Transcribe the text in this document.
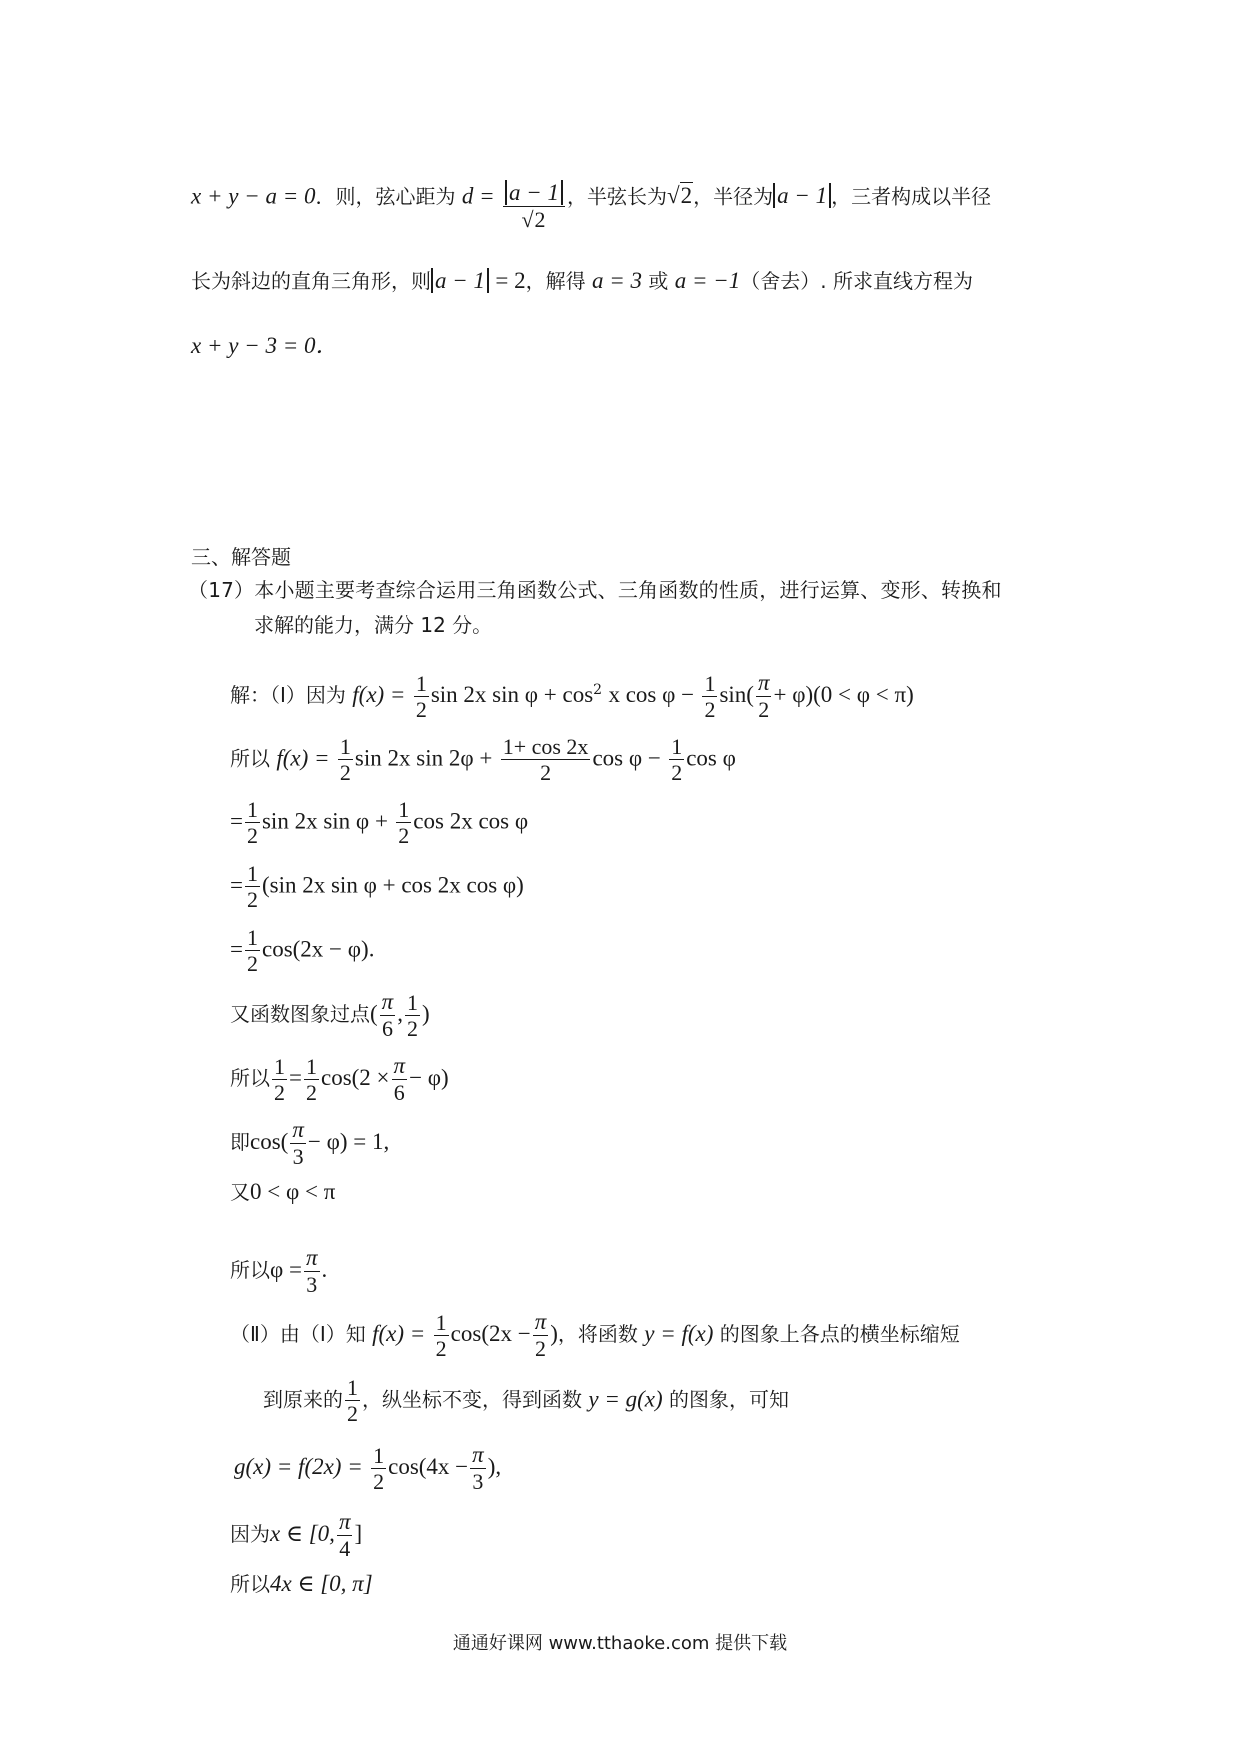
x + y − a = 0．则，弦心距为 $d = \frac{a - 1}{√2}$ ，半弦长为√2，半径为 a − 1 ，三者构成以半径
长为斜边的直角三角形，则 a − 1 = 2，解得 a = 3 或 a = −1（舍去）. 所求直线方程为
x + y − 3 = 0．
三、解答题
（17）本小题主要考查综合运用三角函数公式、三角函数的性质，进行运算、变形、转换和
求解的能力，满分 12 分。
解：（Ⅰ）因为 $f(x) = \frac{1}{2}$ sin 2x $\sin \varphi + \cos^2 x$ $\cos \varphi - \frac{1}{2} \sin( \frac{\pi}{2} + \varphi)(0 < \varphi < \pi)$
所以 $f(x) = \frac{1}{2}$ sin 2x $\sin 2\varphi + \frac{1+ \cos 2x}{2}$ $\cos \varphi - \frac{1}{2}$ cos φ
= $\frac{1}{2}$ sin 2x $\sin \varphi + \frac{1}{2}$ cos 2x cos φ
= $\frac{1}{2} (\sin$ 2x sin φ + cos 2x cos φ)
= $\frac{1}{2} \cos(2x - \varphi)$.
又函数图象过点( $\frac{\pi}{6}$ , $\frac{1}{2}$ )
所以 $\frac{1}{2} = \frac{1}{2} \cos(2 \times \frac{\pi}{6} - \varphi)$
即$\cos( \frac{\pi}{3} - \varphi) = 1$,
又0 < φ < π
所以$\varphi = \frac{\pi}{3}$ .
（Ⅱ）由（Ⅰ）知 $f(x) = \frac{1}{2} \cos(2x - \frac{\pi}{2}$ )，将函数 y = f(x) 的图象上各点的横坐标缩短
到原来的 $\frac{1}{2}$ ，纵坐标不变，得到函数 y = g(x) 的图象，可知
$g(x) = f(2x) = \frac{1}{2} \cos(4x - \frac{\pi}{3}$ ),
因为x ∈ [0, $\frac{\pi}{4}$ ]
所以4x ∈ [0, π]
通通好课网 www.tthaoke.com 提供下载
